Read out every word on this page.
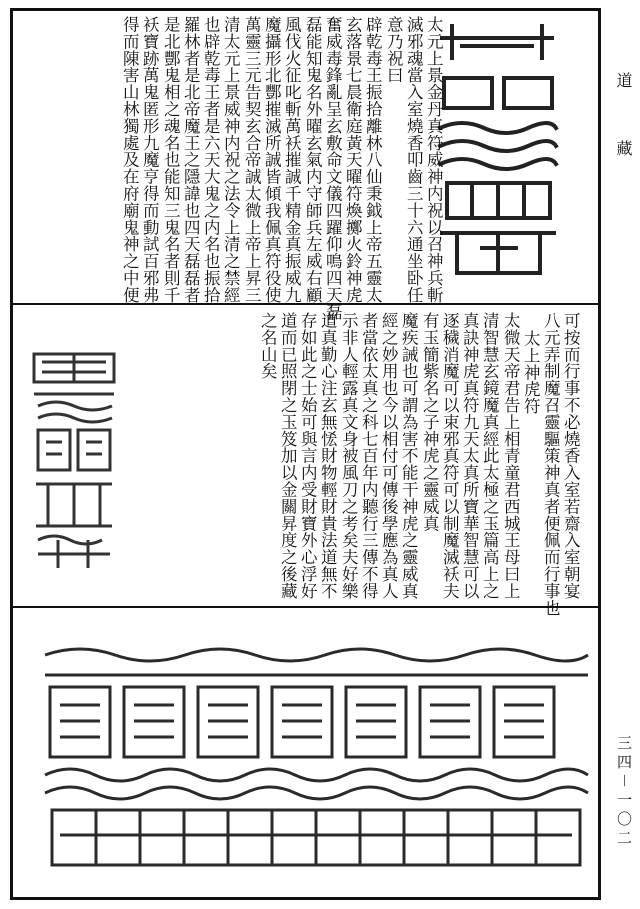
道　藏
三四－一〇二
太元上景金丹真符威神内祝以召神兵斬
滅邪魂當入室燒香叩齒三十六通坐卧任
意乃祝曰
辟亁毒王振拾離林八仙秉鉞上帝五靈太
玄落景七晨衛庭黃天曜符煥擲火鈴神虎
奮威毒鋒亂呈玄敷命文儀四躍仰鳴四天磊
磊能知鬼名外曜玄氣内守師兵左威右顧
風伐火征叱斬萬袄摧誠千精金真振威九
魔攝形北酆摧滅所誠皆傾我佩真符役使
萬靈三元告契玄合帝誠太微上帝上昇三
清太元上景威神内祝之法令上清之禁經
也辟亁毒王者是六天大鬼之内名也振拾
羅林者是北帝魔王之隱諱也四天磊磊者
是北酆鬼相之魂名也能知三鬼名者則千
袄寶跡萬鬼匿形九魔亨得而動試百邪弗
得而陳害山林獨處及在府廟鬼神之中便
可按而行事不必燒香入室若齋入室朝宴
八元弄制魔召靈驅策神真者便佩而行事也
太上神虎符
太微天帝君告上相青童君西城王母曰上
清智慧玄鏡魔真經此太極之玉篇高上之
真訣神虎真符九天太真所寶華智慧可以
逐穢消魔可以束邪真符可以制魔滅袄夫
有玉簡紫名之子神虎之靈威真
魔疾誡也可謂為害不能干神虎之靈威真
經之妙用也今以相付可傳後學應為真人
者當依太真之科七百年内聽行三傳不得
示非人輕露真文身被風刀之考矣夫好樂
道真勤心注玄無恡財物輕財貴法道無不
存如此之士始可與言内受財寶外心浮好
道而已照閉之玉笈加以金關昇度之後藏
之名山矣
